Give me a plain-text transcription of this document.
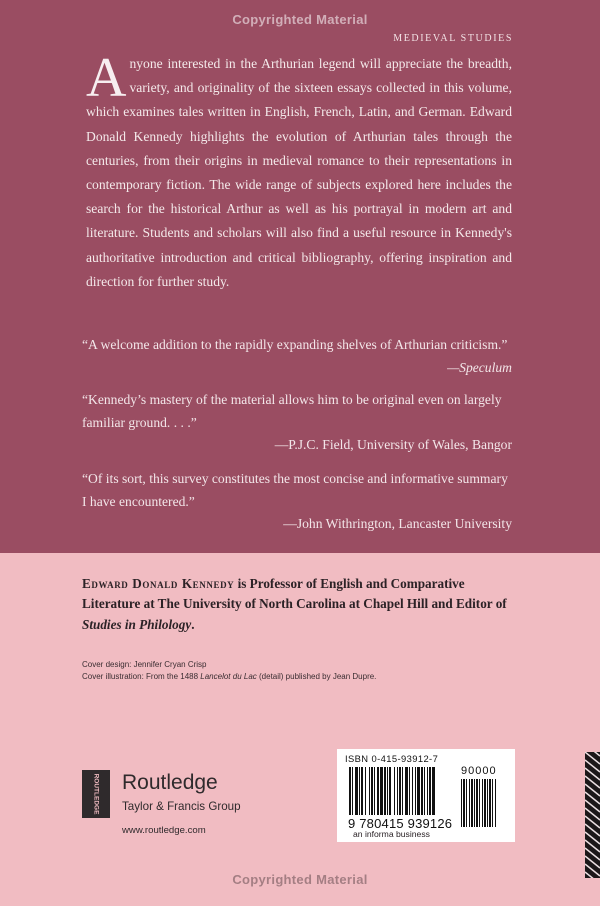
Copyrighted Material
MEDIEVAL STUDIES
Anyone interested in the Arthurian legend will appreciate the breadth, variety, and originality of the sixteen essays collected in this volume, which examines tales written in English, French, Latin, and German. Edward Donald Kennedy highlights the evolution of Arthurian tales through the centuries, from their origins in medieval romance to their representations in contemporary fiction. The wide range of subjects explored here includes the search for the historical Arthur as well as his portrayal in modern art and literature. Students and scholars will also find a useful resource in Kennedy's authoritative introduction and critical bibliography, offering inspiration and direction for further study.
“A welcome addition to the rapidly expanding shelves of Arthurian criticism.”
—Speculum
“Kennedy’s mastery of the material allows him to be original even on largely familiar ground. . . .”
—P.J.C. Field, University of Wales, Bangor
“Of its sort, this survey constitutes the most concise and informative summary I have encountered.”
—John Withrington, Lancaster University
Edward Donald Kennedy is Professor of English and Comparative Literature at The University of North Carolina at Chapel Hill and Editor of Studies in Philology.
Cover design: Jennifer Cryan Crisp
Cover illustration: From the 1488 Lancelot du Lac (detail) published by Jean Dupre.
ROUTLEDGE Routledge
Taylor & Francis Group
www.routledge.com
ISBN 0-415-93912-7
9 780415 939126
90000
an informa business
Copyrighted Material
